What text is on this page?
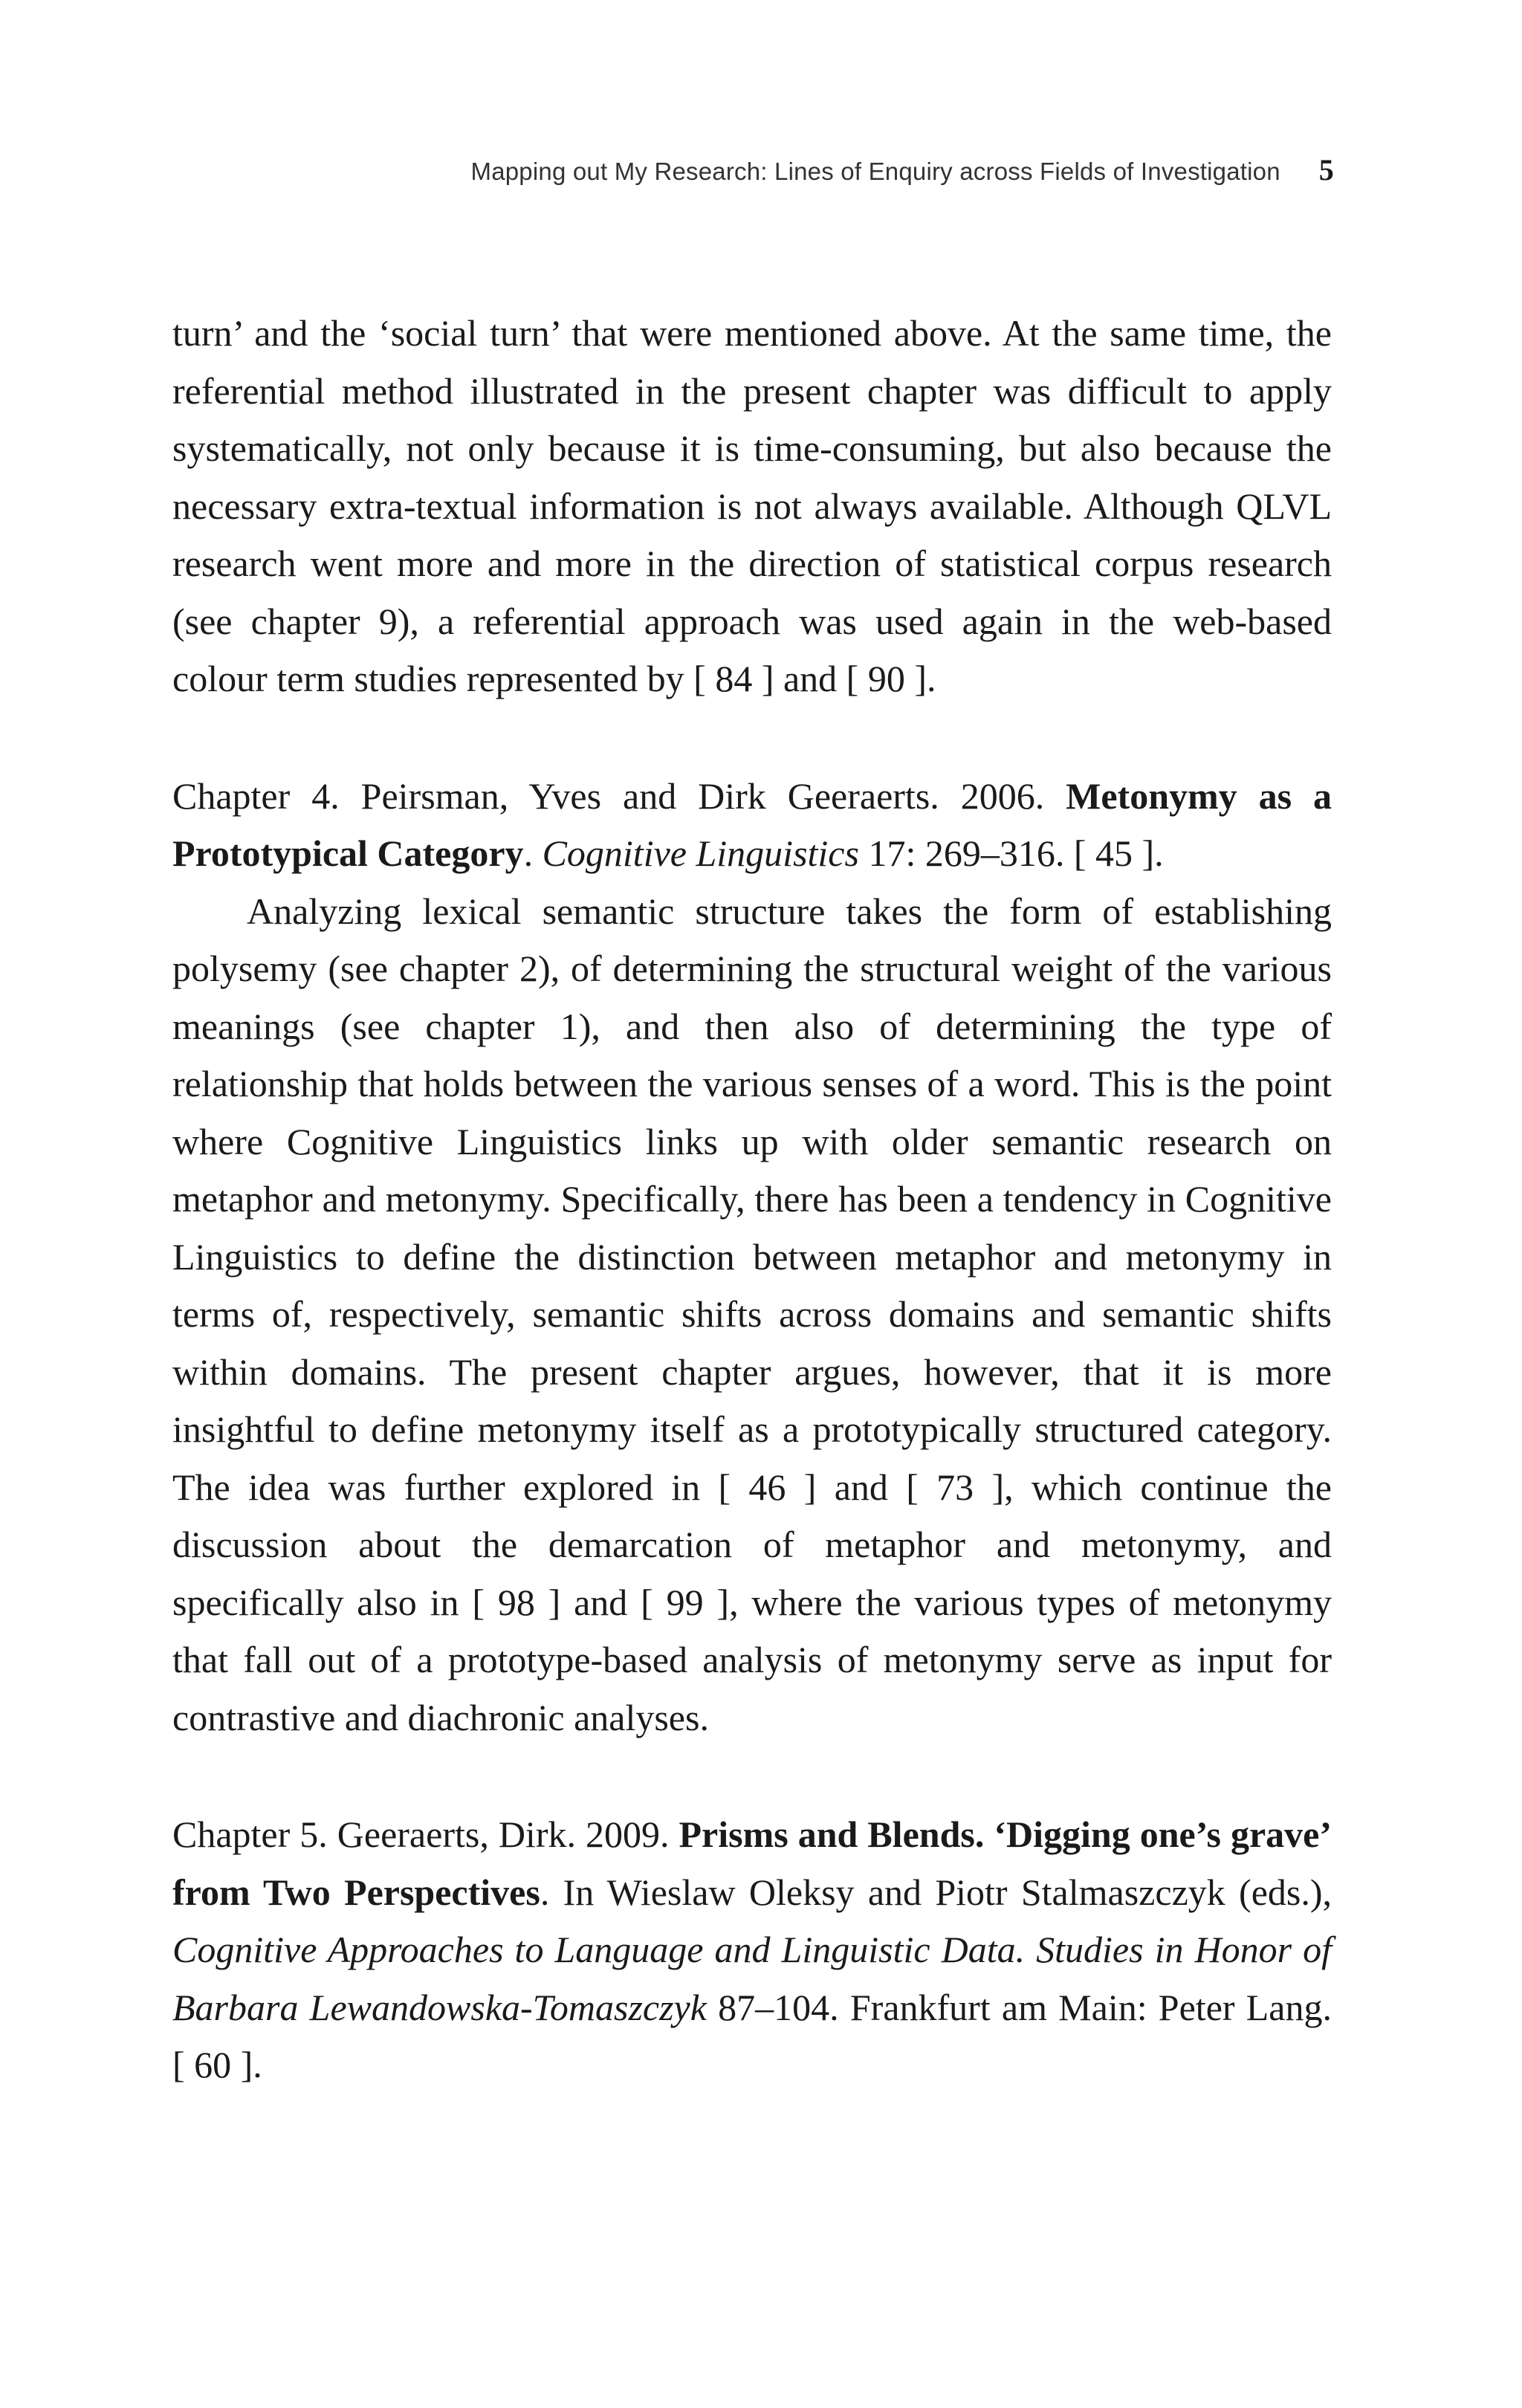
Mapping out My Research: Lines of Enquiry across Fields of Investigation 5

turn’ and the ‘social turn’ that were mentioned above. At the same time, the referential method illustrated in the present chapter was difficult to apply systematically, not only because it is time-consuming, but also because the necessary extra-textual information is not always available. Although QLVL research went more and more in the direction of statistical corpus research (see chapter 9), a referential approach was used again in the web-based colour term studies represented by [ 84 ] and [ 90 ].

Chapter 4. Peirsman, Yves and Dirk Geeraerts. 2006. Metonymy as a Prototypical Category. Cognitive Linguistics 17: 269–316. [ 45 ].

Analyzing lexical semantic structure takes the form of establishing polysemy (see chapter 2), of determining the structural weight of the various meanings (see chapter 1), and then also of determining the type of relationship that holds between the various senses of a word. This is the point where Cognitive Linguistics links up with older semantic research on metaphor and metonymy. Specifically, there has been a tendency in Cognitive Linguistics to define the distinction between metaphor and metonymy in terms of, respectively, semantic shifts across domains and semantic shifts within domains. The present chapter argues, however, that it is more insightful to define metonymy itself as a prototypically structured category. The idea was further explored in [ 46 ] and [ 73 ], which continue the discussion about the demarcation of metaphor and metonymy, and specifically also in [ 98 ] and [ 99 ], where the various types of metonymy that fall out of a prototype-based analysis of metonymy serve as input for contrastive and diachronic analyses.

Chapter 5. Geeraerts, Dirk. 2009. Prisms and Blends. ‘Digging one’s grave’ from Two Perspectives. In Wieslaw Oleksy and Piotr Stalmaszczyk (eds.), Cognitive Approaches to Language and Linguistic Data. Studies in Honor of Barbara Lewandowska-Tomaszczyk 87–104. Frankfurt am Main: Peter Lang. [ 60 ].
